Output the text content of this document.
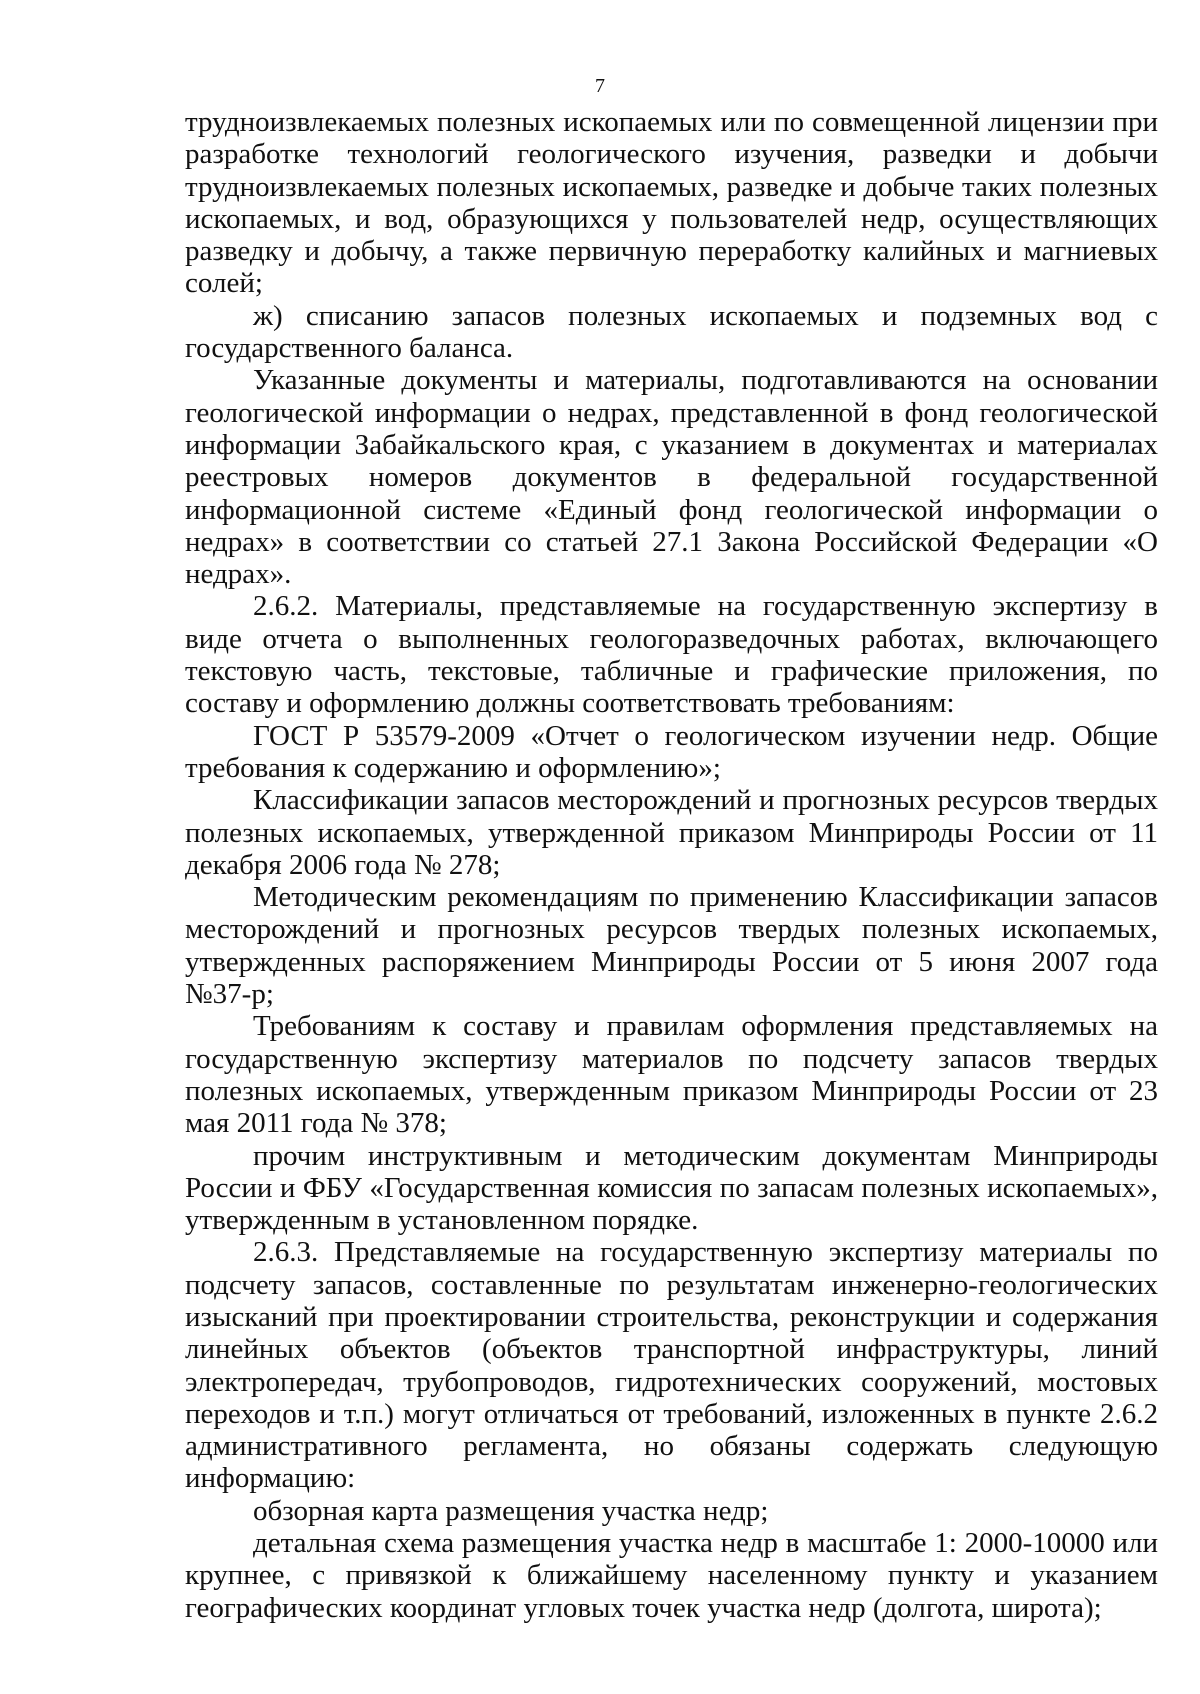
7

трудноизвлекаемых полезных ископаемых или по совмещенной лицензии при разработке технологий геологического изучения, разведки и добычи трудноизвлекаемых полезных ископаемых, разведке и добыче таких полезных ископаемых, и вод, образующихся у пользователей недр, осуществляющих разведку и добычу, а также первичную переработку калийных и магниевых солей;

ж) списанию запасов полезных ископаемых и подземных вод с государственного баланса.

Указанные документы и материалы, подготавливаются на основании геологической информации о недрах, представленной в фонд геологической информации Забайкальского края, с указанием в документах и материалах реестровых номеров документов в федеральной государственной информационной системе «Единый фонд геологической информации о недрах» в соответствии со статьей 27.1 Закона Российской Федерации «О недрах».

2.6.2. Материалы, представляемые на государственную экспертизу в виде отчета о выполненных геологоразведочных работах, включающего текстовую часть, текстовые, табличные и графические приложения, по составу и оформлению должны соответствовать требованиям:

ГОСТ Р 53579-2009 «Отчет о геологическом изучении недр. Общие требования к содержанию и оформлению»;

Классификации запасов месторождений и прогнозных ресурсов твердых полезных ископаемых, утвержденной приказом Минприроды России от 11 декабря 2006 года № 278;

Методическим рекомендациям по применению Классификации запасов месторождений и прогнозных ресурсов твердых полезных ископаемых, утвержденных распоряжением Минприроды России от 5 июня 2007 года №37-р;

Требованиям к составу и правилам оформления представляемых на государственную экспертизу материалов по подсчету запасов твердых полезных ископаемых, утвержденным приказом Минприроды России от 23 мая 2011 года № 378;

прочим инструктивным и методическим документам Минприроды России и ФБУ «Государственная комиссия по запасам полезных ископаемых», утвержденным в установленном порядке.

2.6.3. Представляемые на государственную экспертизу материалы по подсчету запасов, составленные по результатам инженерно-геологических изысканий при проектировании строительства, реконструкции и содержания линейных объектов (объектов транспортной инфраструктуры, линий электропередач, трубопроводов, гидротехнических сооружений, мостовых переходов и т.п.) могут отличаться от требований, изложенных в пункте 2.6.2 административного регламента, но обязаны содержать следующую информацию:

обзорная карта размещения участка недр;

детальная схема размещения участка недр в масштабе 1: 2000-10000 или крупнее, с привязкой к ближайшему населенному пункту и указанием географических координат угловых точек участка недр (долгота, широта);
